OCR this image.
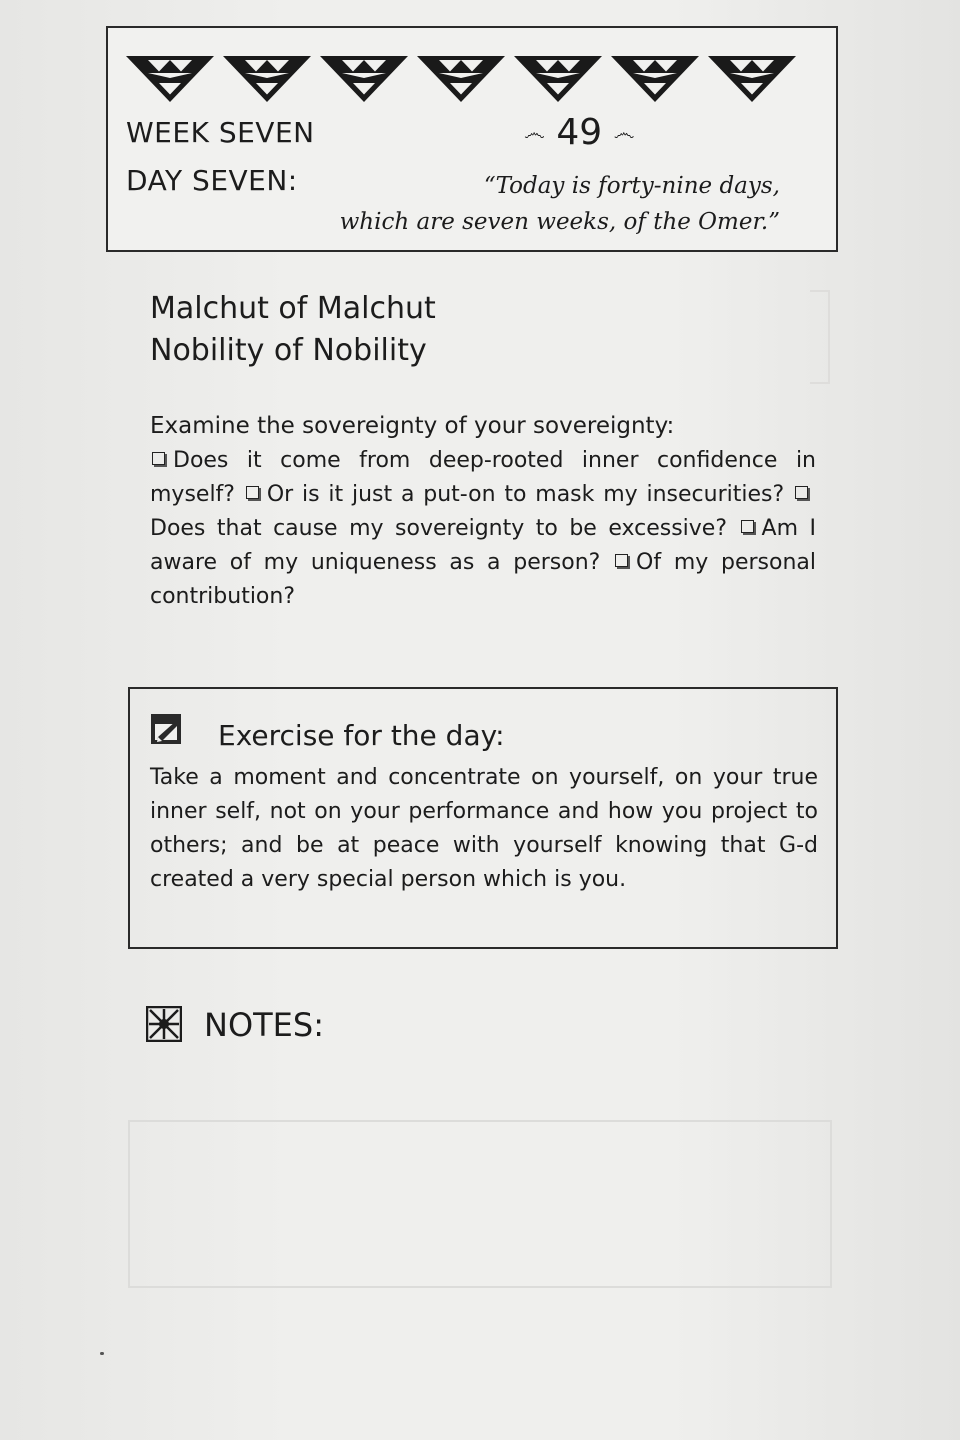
WEEK SEVEN	෴ 49 ෴
DAY SEVEN:	“Today is forty-nine days,
which are seven weeks, of the Omer.”
Malchut of Malchut
Nobility of Nobility
Examine the sovereignty of your sovereignty:
Does it come from deep-rooted inner confidence in myself? Or is it just a put-on to mask my insecurities? Does that cause my sovereignty to be excessive? Am I aware of my uniqueness as a person? Of my personal contribution?
Exercise for the day:
Take a moment and concentrate on yourself, on your true inner self, not on your performance and how you project to others; and be at peace with yourself knowing that G-d created a very special person which is you.
NOTES:
